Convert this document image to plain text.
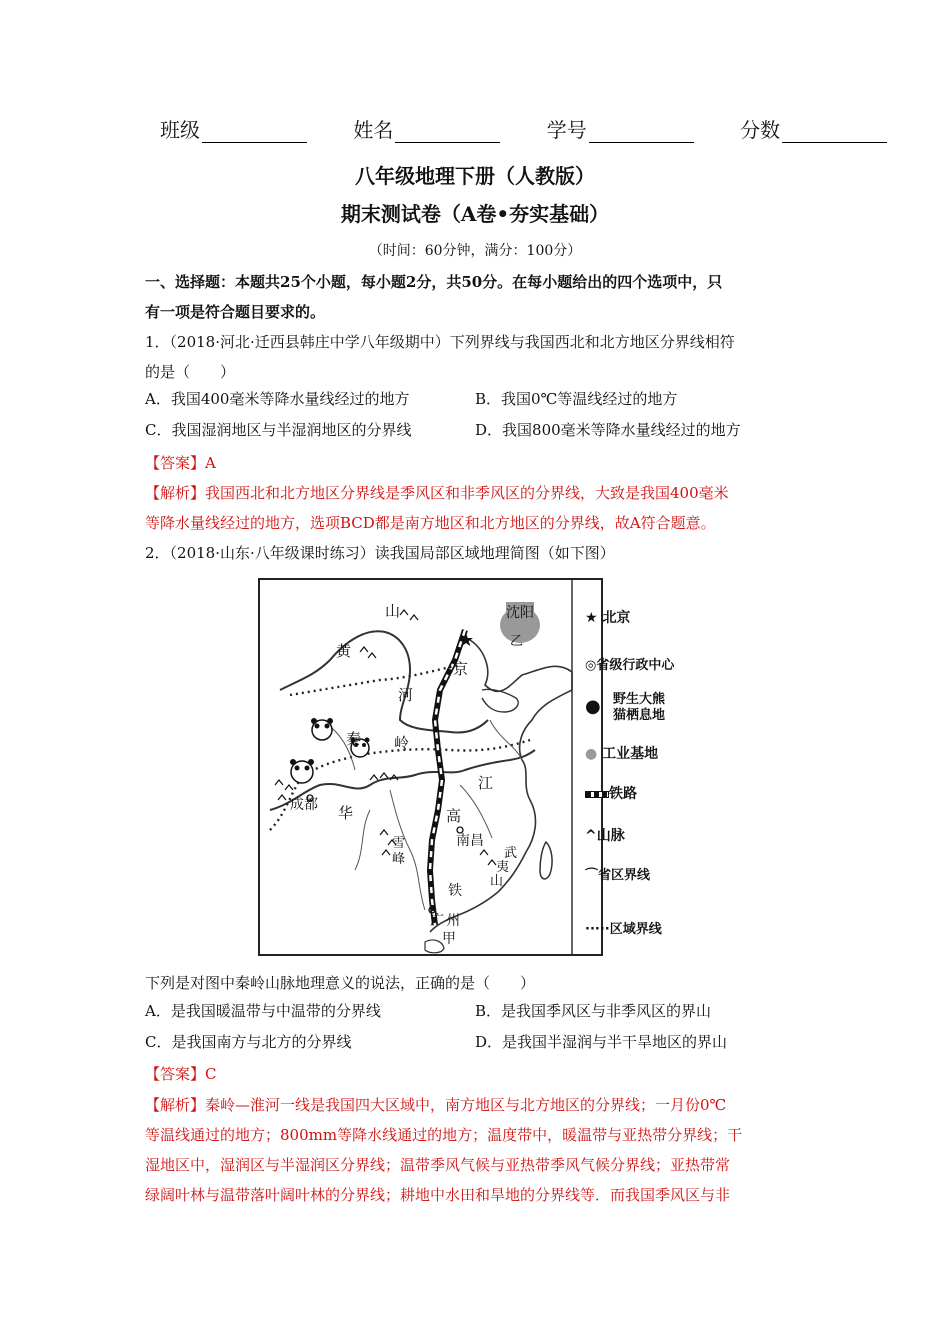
班级	姓名	学号	分数
八年级地理下册（人教版）
期末测试卷（A卷•夯实基础）
（时间：60分钟，满分：100分）
一、选择题：本题共25个小题，每小题2分，共50分。在每小题给出的四个选项中，只
有一项是符合题目要求的。
1．（2018·河北·迁西县韩庄中学八年级期中）下列界线与我国西北和北方地区分界线相符
的是（　　）
A．我国400毫米等降水量线经过的地方	B．我国0℃等温线经过的地方
C．我国湿润地区与半湿润地区的分界线	D．我国800毫米等降水量线经过的地方
【答案】A
【解析】我国西北和北方地区分界线是季风区和非季风区的分界线，大致是我国400毫米
等降水量线经过的地方，选项BCD都是南方地区和北方地区的分界线，故A符合题意。
2．（2018·山东·八年级课时练习）读我国局部区域地理简图（如下图）
★
山
黄
河
京
沈阳
乙
秦 岭
成都 华	高
江
南昌
雪
峰	武
夷
山
铁
广 州
甲
★ 北京
◎省级行政中心
● 野生大熊猫栖息地
● 工业基地
铁路
^山脉
⌒省区界线
·····区域界线
下列是对图中秦岭山脉地理意义的说法，正确的是（　　）
A．是我国暖温带与中温带的分界线	B．是我国季风区与非季风区的界山
C．是我国南方与北方的分界线	D．是我国半湿润与半干旱地区的界山
【答案】C
【解析】秦岭—淮河一线是我国四大区域中，南方地区与北方地区的分界线；一月份0℃
等温线通过的地方；800mm等降水线通过的地方；温度带中，暖温带与亚热带分界线；干
湿地区中，湿润区与半湿润区分界线；温带季风气候与亚热带季风气候分界线；亚热带常
绿阔叶林与温带落叶阔叶林的分界线；耕地中水田和旱地的分界线等．而我国季风区与非
